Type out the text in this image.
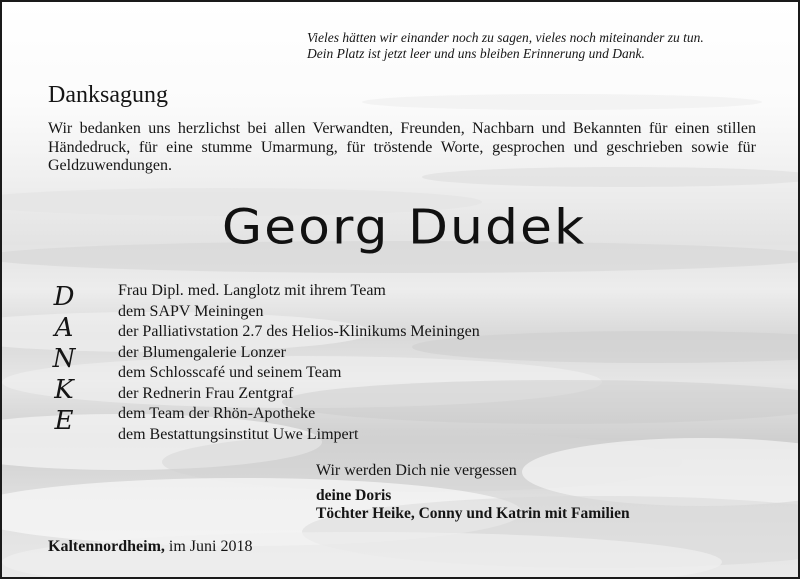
Vieles hätten wir einander noch zu sagen, vieles noch miteinander zu tun.
Dein Platz ist jetzt leer und uns bleiben Erinnerung und Dank.
Danksagung
Wir bedanken uns herzlichst bei allen Verwandten, Freunden, Nachbarn und Bekannten für einen stillen Händedruck, für eine stumme Umarmung, für tröstende Worte, gesprochen und geschrieben sowie für Geldzuwendungen.
Georg Dudek
D
A
N
K
E
Frau Dipl. med. Langlotz mit ihrem Team
dem SAPV Meiningen
der Palliativstation 2.7 des Helios-Klinikums Meiningen
der Blumengalerie Lonzer
dem Schlosscafé und seinem Team
der Rednerin Frau Zentgraf
dem Team der Rhön-Apotheke
dem Bestattungsinstitut Uwe Limpert
Wir werden Dich nie vergessen
deine Doris
Töchter Heike, Conny und Katrin mit Familien
Kaltennordheim, im Juni 2018
